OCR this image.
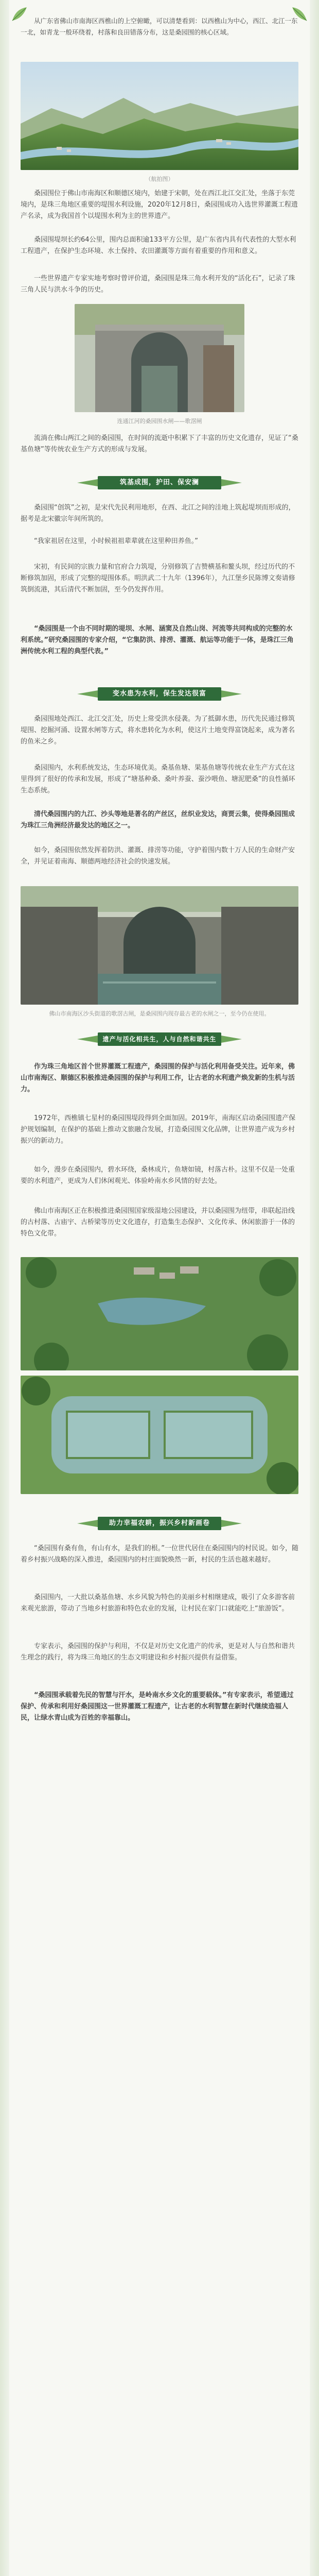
从广东省佛山市南海区西樵山的上空俯瞰，可以清楚看到：以西樵山为中心，西江、北江一东一北，如青龙一般环绕着，村落和良田错落分布，这是桑园围的核心区域。

（航拍图）

桑园围位于佛山市南海区和顺德区境内，始建于宋朝，处在西江北江交汇处，坐落于东莞境内，是珠三角地区重要的堤围水利设施，2020年12月8日，桑园围成功入选世界灌溉工程遗产名录，成为我国首个以堤围水利为主的世界遗产。

桑园围堤坝长约64公里，围内总面积逾133平方公里，是广东省内具有代表性的大型水利工程遗产，在保护生态环境、水土保持、农田灌溉等方面有着重要的作用和意义。

一些世界遗产专家实地考察时曾评价道，桑园围是珠三角水利开发的“活化石”，记录了珠三角人民与洪水斗争的历史。

连通江河的桑园围水闸——歌滘闸

流淌在佛山两江之间的桑园围，在时间的流逝中积累下了丰富的历史文化遗存，见证了“桑基鱼塘”等传统农业生产方式的形成与发展。

筑基成围，护田、保安澜

桑园围“创筑”之初，是宋代先民利用地形，在西、北江之间的洼地上筑起堤坝而形成的，据考是北宋徽宗年间所筑的。

“我家祖居在这里，小时候祖祖辈辈就在这里种田养鱼。”

宋初，有民间的宗族力量和官府合力筑堤，分别修筑了吉赞横基和鳌头坝，经过历代的不断修筑加固，形成了完整的堤围体系。明洪武二十九年（1396年），九江堡乡民陈博文奏请修筑倒流港，其后清代不断加固，至今仍发挥作用。

“桑园围是一个由不同时期的堤坝、水闸、涵窦及自然山岗、河流等共同构成的完整的水利系统。”研究桑园围的专家介绍，“它集防洪、排涝、灌溉、航运等功能于一体，是珠江三角洲传统水利工程的典型代表。”

变水患为水利，保生发达很富

桑园围地处西江、北江交汇处，历史上常受洪水侵袭。为了抵御水患，历代先民通过修筑堤围、挖掘河涌、设置水闸等方式，将水患转化为水利，使这片土地变得富饶起来，成为著名的鱼米之乡。

桑园围内，水利系统发达，生态环境优美。桑基鱼塘、果基鱼塘等传统农业生产方式在这里得到了很好的传承和发展，形成了“塘基种桑、桑叶养蚕、蚕沙喂鱼、塘泥肥桑”的良性循环生态系统。

清代桑园围内的九江、沙头等地是著名的产丝区，丝织业发达，商贾云集，使得桑园围成为珠江三角洲经济最发达的地区之一。

如今，桑园围依然发挥着防洪、灌溉、排涝等功能，守护着围内数十万人民的生命财产安全，并见证着南海、顺德两地经济社会的快速发展。

佛山市南海区沙头街道的歌滘古闸，是桑园围内现存最古老的水闸之一，至今仍在使用。

遗产与活化相共生，人与自然和谐共生

作为珠三角地区首个世界灌溉工程遗产，桑园围的保护与活化利用备受关注。近年来，佛山市南海区、顺德区积极推进桑园围的保护与利用工作，让古老的水利遗产焕发新的生机与活力。

1972年，西樵镇七星村的桑园围堤段得到全面加固。2019年，南海区启动桑园围遗产保护规划编制，在保护的基础上推动文旅融合发展，打造桑园围文化品牌，让世界遗产成为乡村振兴的新动力。

如今，漫步在桑园围内，碧水环绕，桑林成片，鱼塘如镜，村落古朴。这里不仅是一处重要的水利遗产，更成为人们休闲观光、体验岭南水乡风情的好去处。

佛山市南海区正在积极推进桑园围国家级湿地公园建设，并以桑园围为纽带，串联起沿线的古村落、古庙宇、古桥梁等历史文化遗存，打造集生态保护、文化传承、休闲旅游于一体的特色文化带。

助力幸福农耕，振兴乡村新画卷

“桑园围有桑有鱼，有山有水，是我们的根。”一位世代居住在桑园围内的村民说。如今，随着乡村振兴战略的深入推进，桑园围内的村庄面貌焕然一新，村民的生活也越来越好。

桑园围内，一大批以桑基鱼塘、水乡风貌为特色的美丽乡村相继建成，吸引了众多游客前来观光旅游，带动了当地乡村旅游和特色农业的发展，让村民在家门口就能吃上“旅游饭”。

专家表示，桑园围的保护与利用，不仅是对历史文化遗产的传承，更是对人与自然和谐共生理念的践行，将为珠三角地区的生态文明建设和乡村振兴提供有益借鉴。

“桑园围承载着先民的智慧与汗水，是岭南水乡文化的重要载体。”有专家表示，希望通过保护、传承和利用好桑园围这一世界灌溉工程遗产，让古老的水利智慧在新时代继续造福人民，让绿水青山成为百姓的幸福靠山。
